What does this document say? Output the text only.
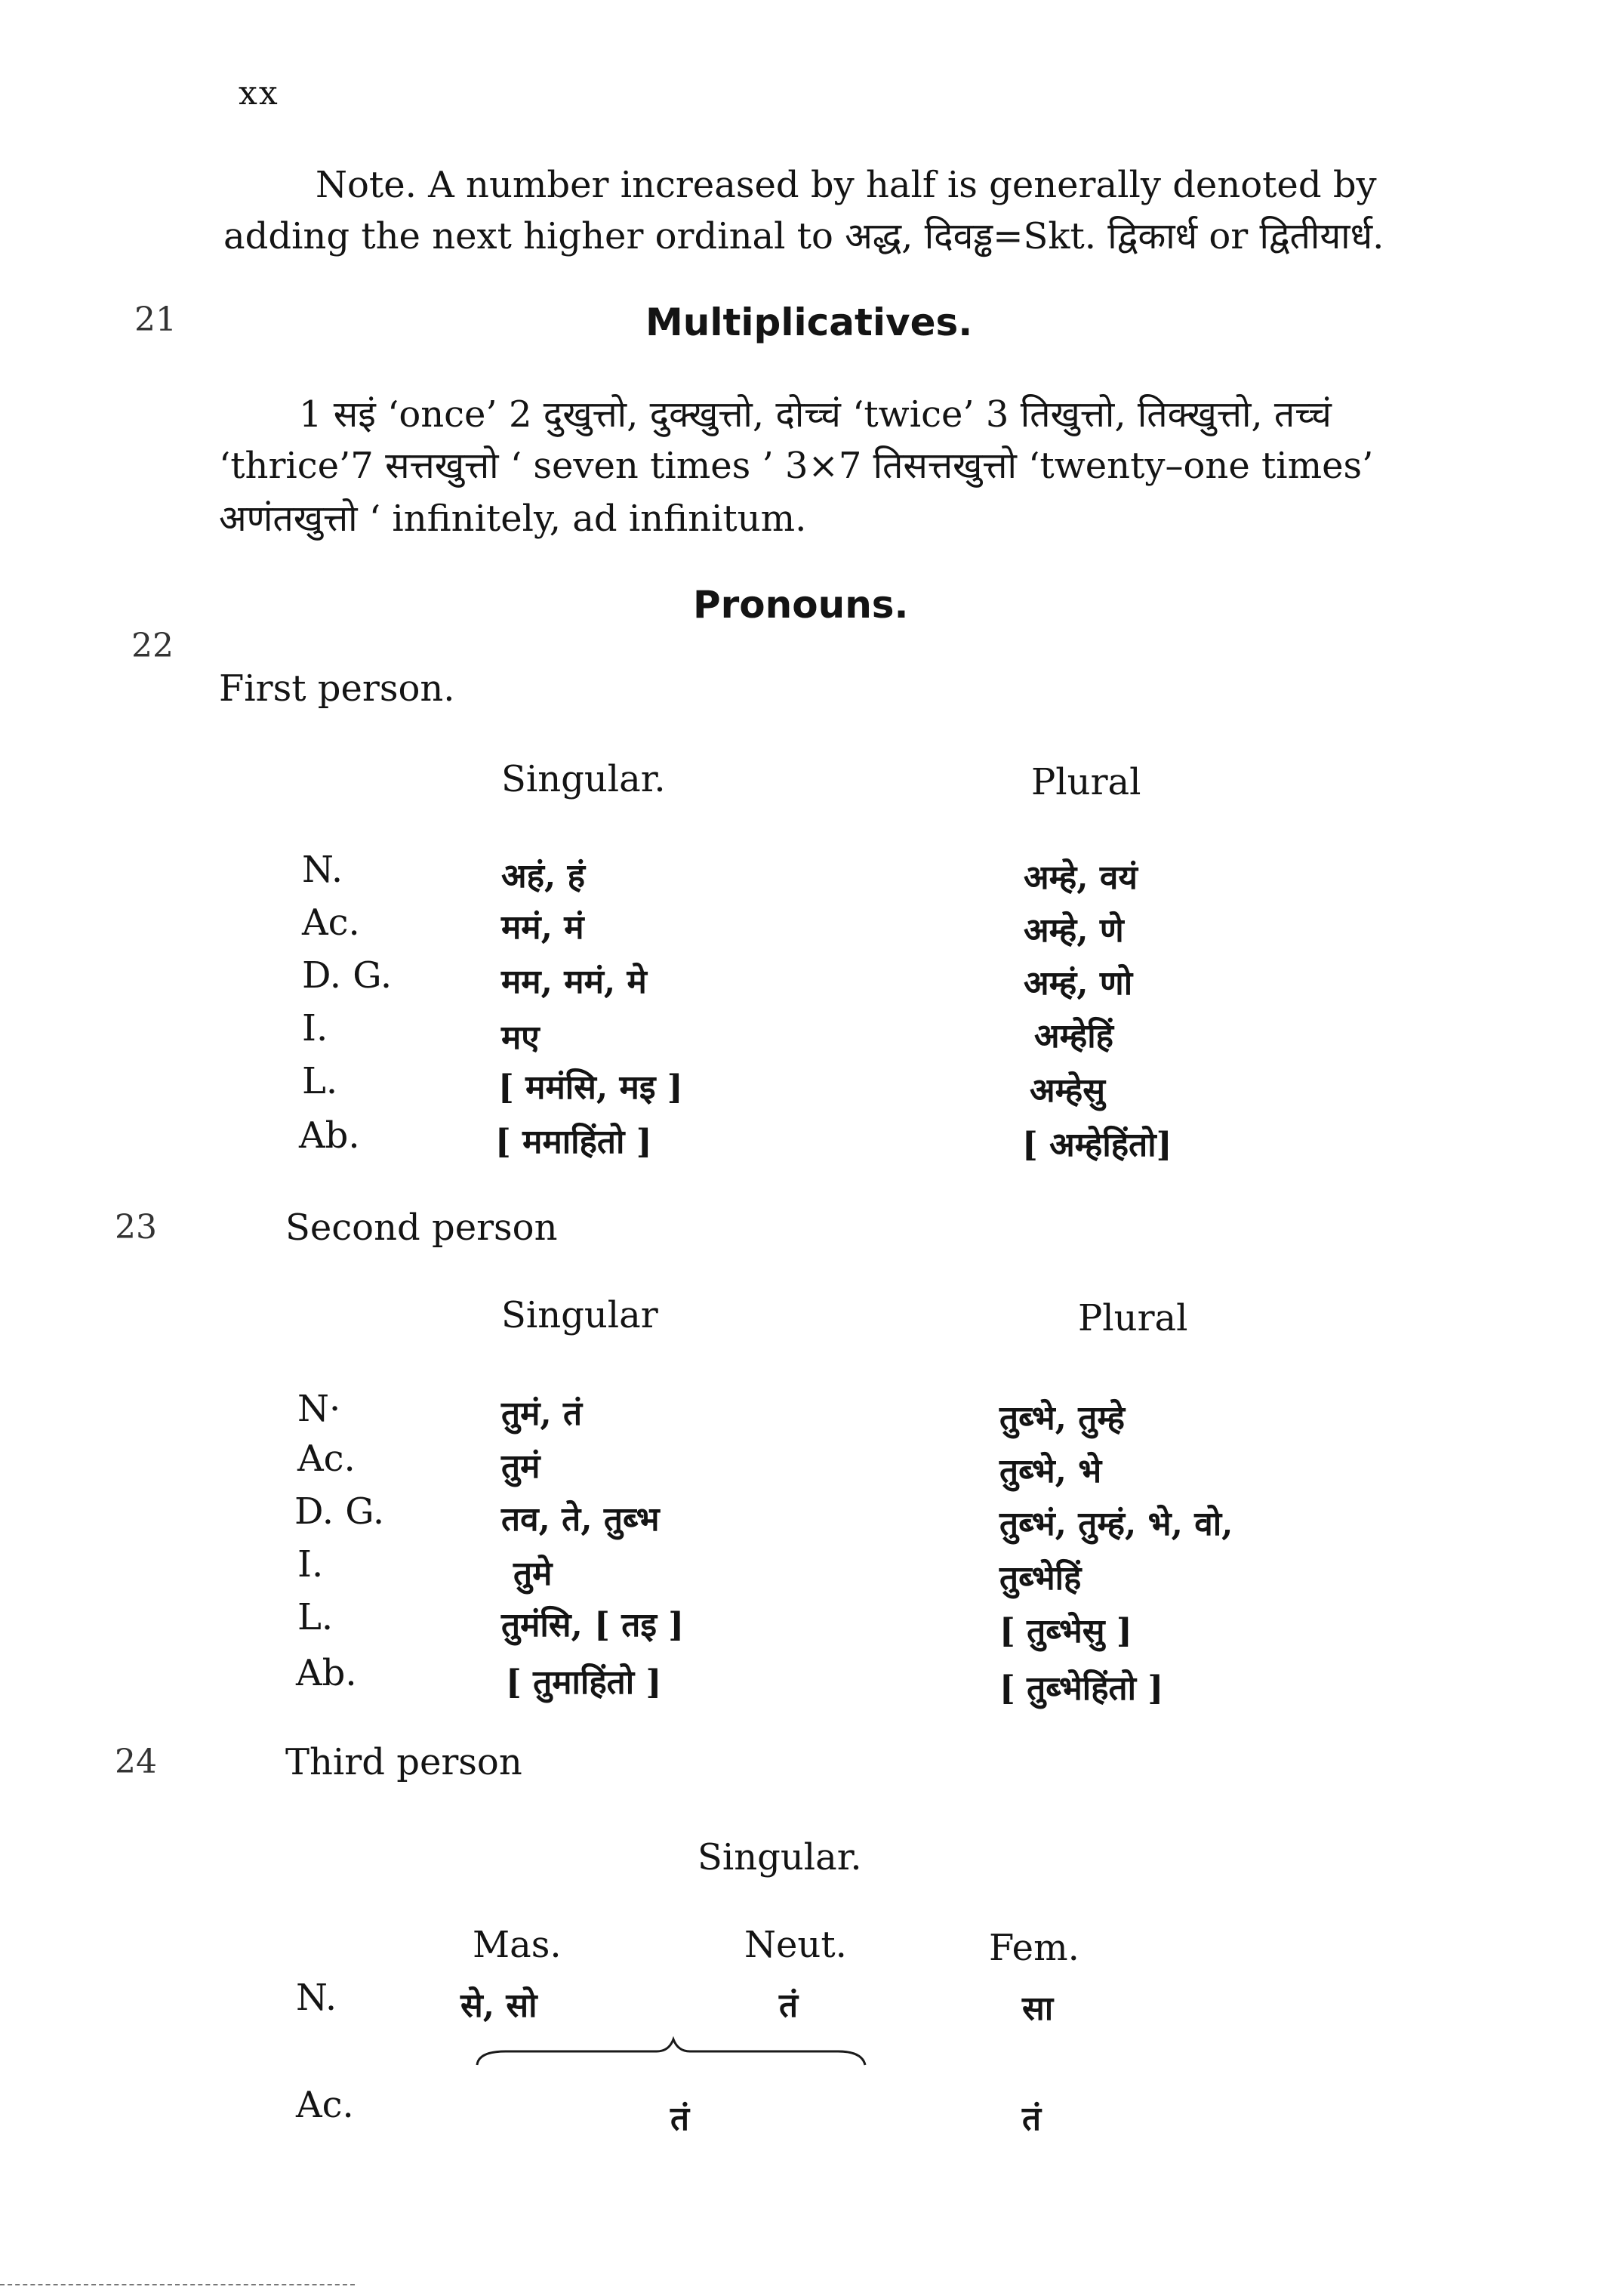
xx
Note. A number increased by half is generally denoted by
adding the next higher ordinal to अद्ध, दिवड्ढ=Skt. द्विकार्ध or द्वितीयार्ध.
21	Multiplicatives.
1 सइं ‘once’ 2 दुखुत्तो, दुक्खुत्तो, दोच्चं ‘twice’ 3 तिखुत्तो, तिक्खुत्तो, तच्चं
‘thrice’7 सत्तखुत्तो ‘ seven times ’ 3×7 तिसत्तखुत्तो ‘twenty–one times’
अणंतखुत्तो ‘ infinitely, ad infinitum.
Pronouns.
22
First person.
Singular.	Plural
N.	अहं, हं	अम्हे, वयं
Ac.	ममं, मं	अम्हे, णे
D. G.	मम, ममं, मे	अम्हं, णो
I.	मए	अम्हेहिं
L.	[ ममंसि, मइ ]	अम्हेसु
Ab.	[ ममाहिंतो ]	[ अम्हेहिंतो]
23	Second person
Singular	Plural
N·	तुमं, तं	तुब्भे, तुम्हे
Ac.	तुमं	तुब्भे, भे
D. G.	तव, ते, तुब्भ	तुब्भं, तुम्हं, भे, वो,
I.	तुमे	तुब्भेहिं
L.	तुमंसि, [ तइ ]	[ तुब्भेसु ]
Ab.	[ तुमाहिंतो ]	[ तुब्भेहिंतो ]
24	Third person
Singular.
Mas.	Neut.	Fem.
N.	से, सो	तं	सा
Ac.	तं	तं
